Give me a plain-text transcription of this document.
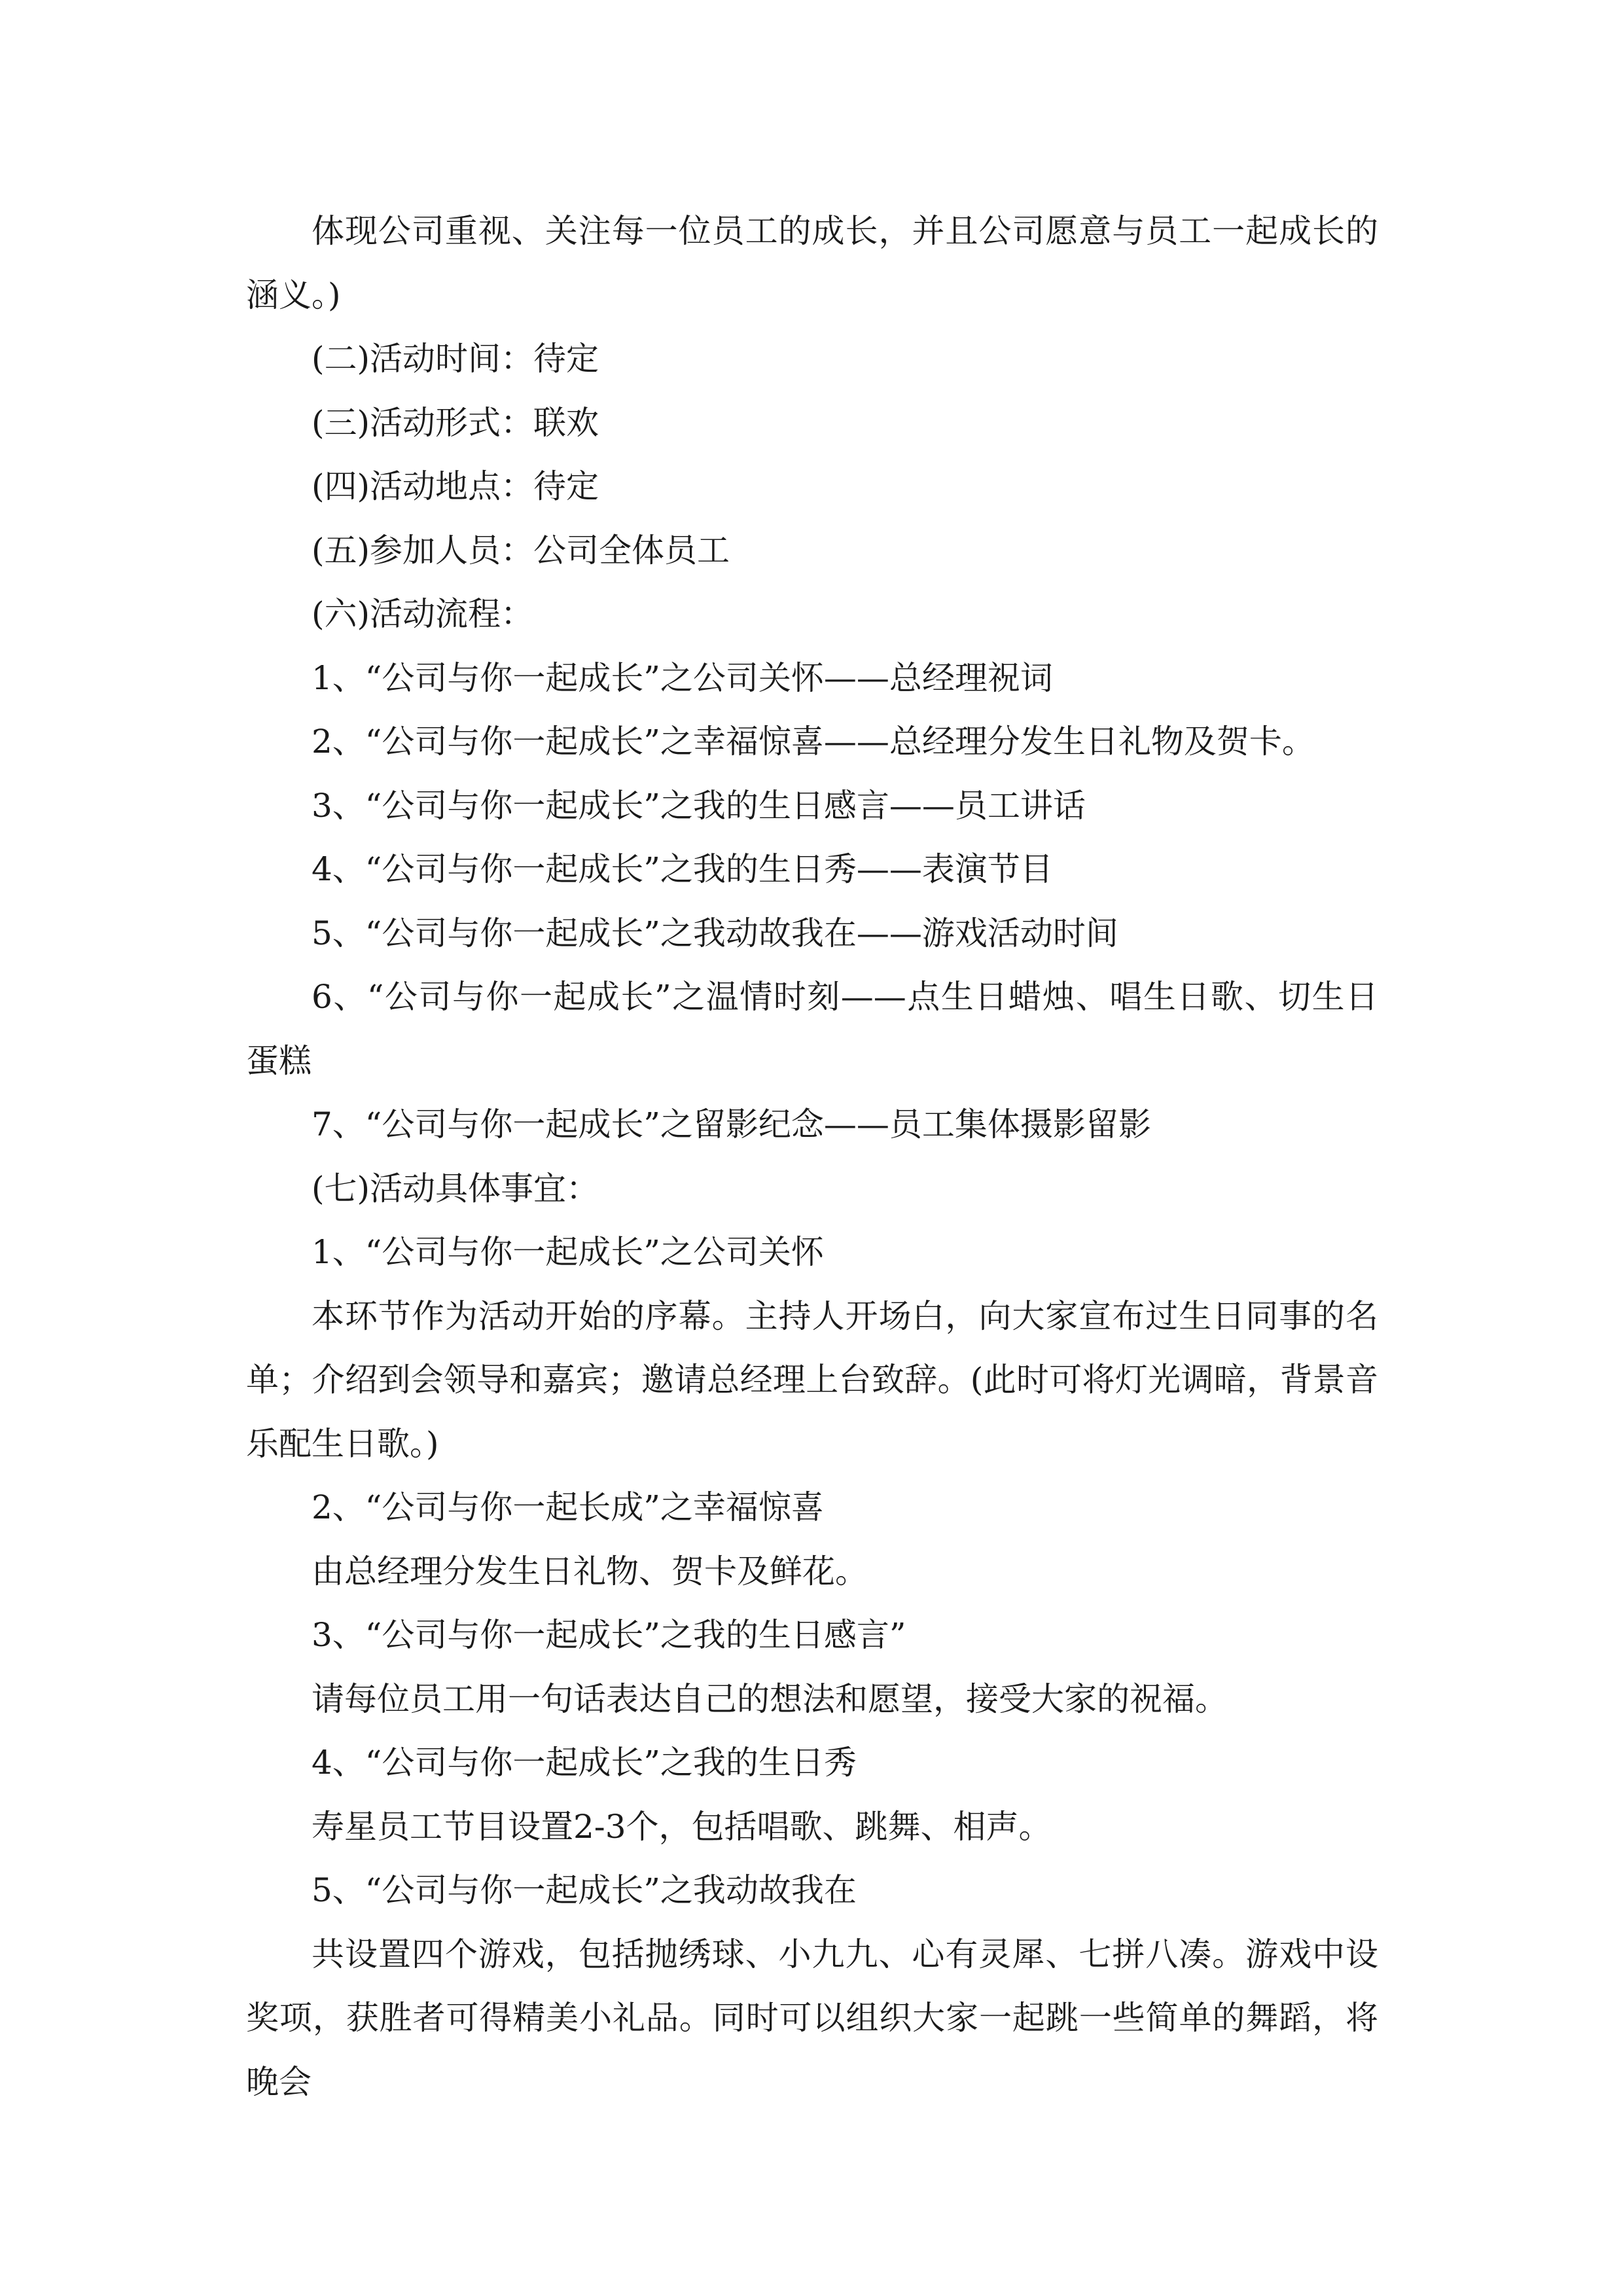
体现公司重视、关注每一位员工的成长，并且公司愿意与员工一起成长的涵义。)

(二)活动时间：待定

(三)活动形式：联欢

(四)活动地点：待定

(五)参加人员：公司全体员工

(六)活动流程：

1、“公司与你一起成长”之公司关怀——总经理祝词

2、“公司与你一起成长”之幸福惊喜——总经理分发生日礼物及贺卡。

3、“公司与你一起成长”之我的生日感言——员工讲话

4、“公司与你一起成长”之我的生日秀——表演节目

5、“公司与你一起成长”之我动故我在——游戏活动时间

6、“公司与你一起成长”之温情时刻——点生日蜡烛、唱生日歌、切生日蛋糕

7、“公司与你一起成长”之留影纪念——员工集体摄影留影

(七)活动具体事宜：

1、“公司与你一起成长”之公司关怀

本环节作为活动开始的序幕。主持人开场白，向大家宣布过生日同事的名单；介绍到会领导和嘉宾；邀请总经理上台致辞。(此时可将灯光调暗，背景音乐配生日歌。)

2、“公司与你一起长成”之幸福惊喜

由总经理分发生日礼物、贺卡及鲜花。

3、“公司与你一起成长”之我的生日感言”

请每位员工用一句话表达自己的想法和愿望，接受大家的祝福。

4、“公司与你一起成长”之我的生日秀

寿星员工节目设置2-3个，包括唱歌、跳舞、相声。

5、“公司与你一起成长”之我动故我在

共设置四个游戏，包括抛绣球、小九九、心有灵犀、七拼八凑。游戏中设奖项，获胜者可得精美小礼品。同时可以组织大家一起跳一些简单的舞蹈，将晚会
